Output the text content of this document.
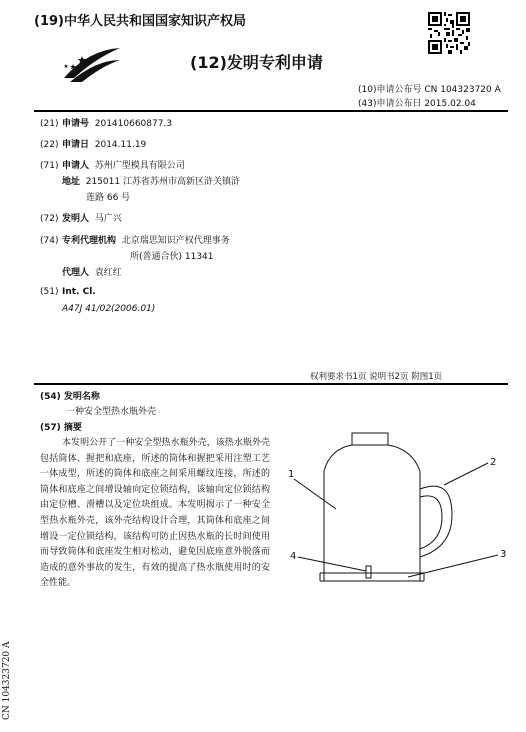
(19)中华人民共和国国家知识产权局
(12)发明专利申请
(10)申请公布号 CN 104323720 A
(43)申请公布日 2015.02.04
(21) 申请号 201410660877.3
(22) 申请日 2014.11.19
(71) 申请人 苏州广型模具有限公司
地址 215011 江苏省苏州市高新区浒关镇浒
莲路 66 号
(72) 发明人 马广兴
(74) 专利代理机构 北京瑞思知识产权代理事务
所(普通合伙) 11341
代理人 袁红红
(51) Int. Cl.
A47J 41/02(2006.01)
权利要求书1页 说明书2页 附图1页
(54) 发明名称
一种安全型热水瓶外壳
(57) 摘要
本发明公开了一种安全型热水瓶外壳，该热水瓶外壳包括筒体、握把和底座，所述的筒体和握把采用注塑工艺一体成型，所述的筒体和底座之间采用螺纹连接，所述的筒体和底座之间增设轴向定位锁结构，该轴向定位锁结构由定位槽、滑槽以及定位块组成。本发明揭示了一种安全型热水瓶外壳，该外壳结构设计合理，其筒体和底座之间增设一定位锁结构，该结构可防止因热水瓶的长时间使用而导致筒体和底座发生相对松动，避免因底座意外脱落而造成的意外事故的发生，有效的提高了热水瓶使用时的安全性能。
1
2
3
4
CN 104323720 A
